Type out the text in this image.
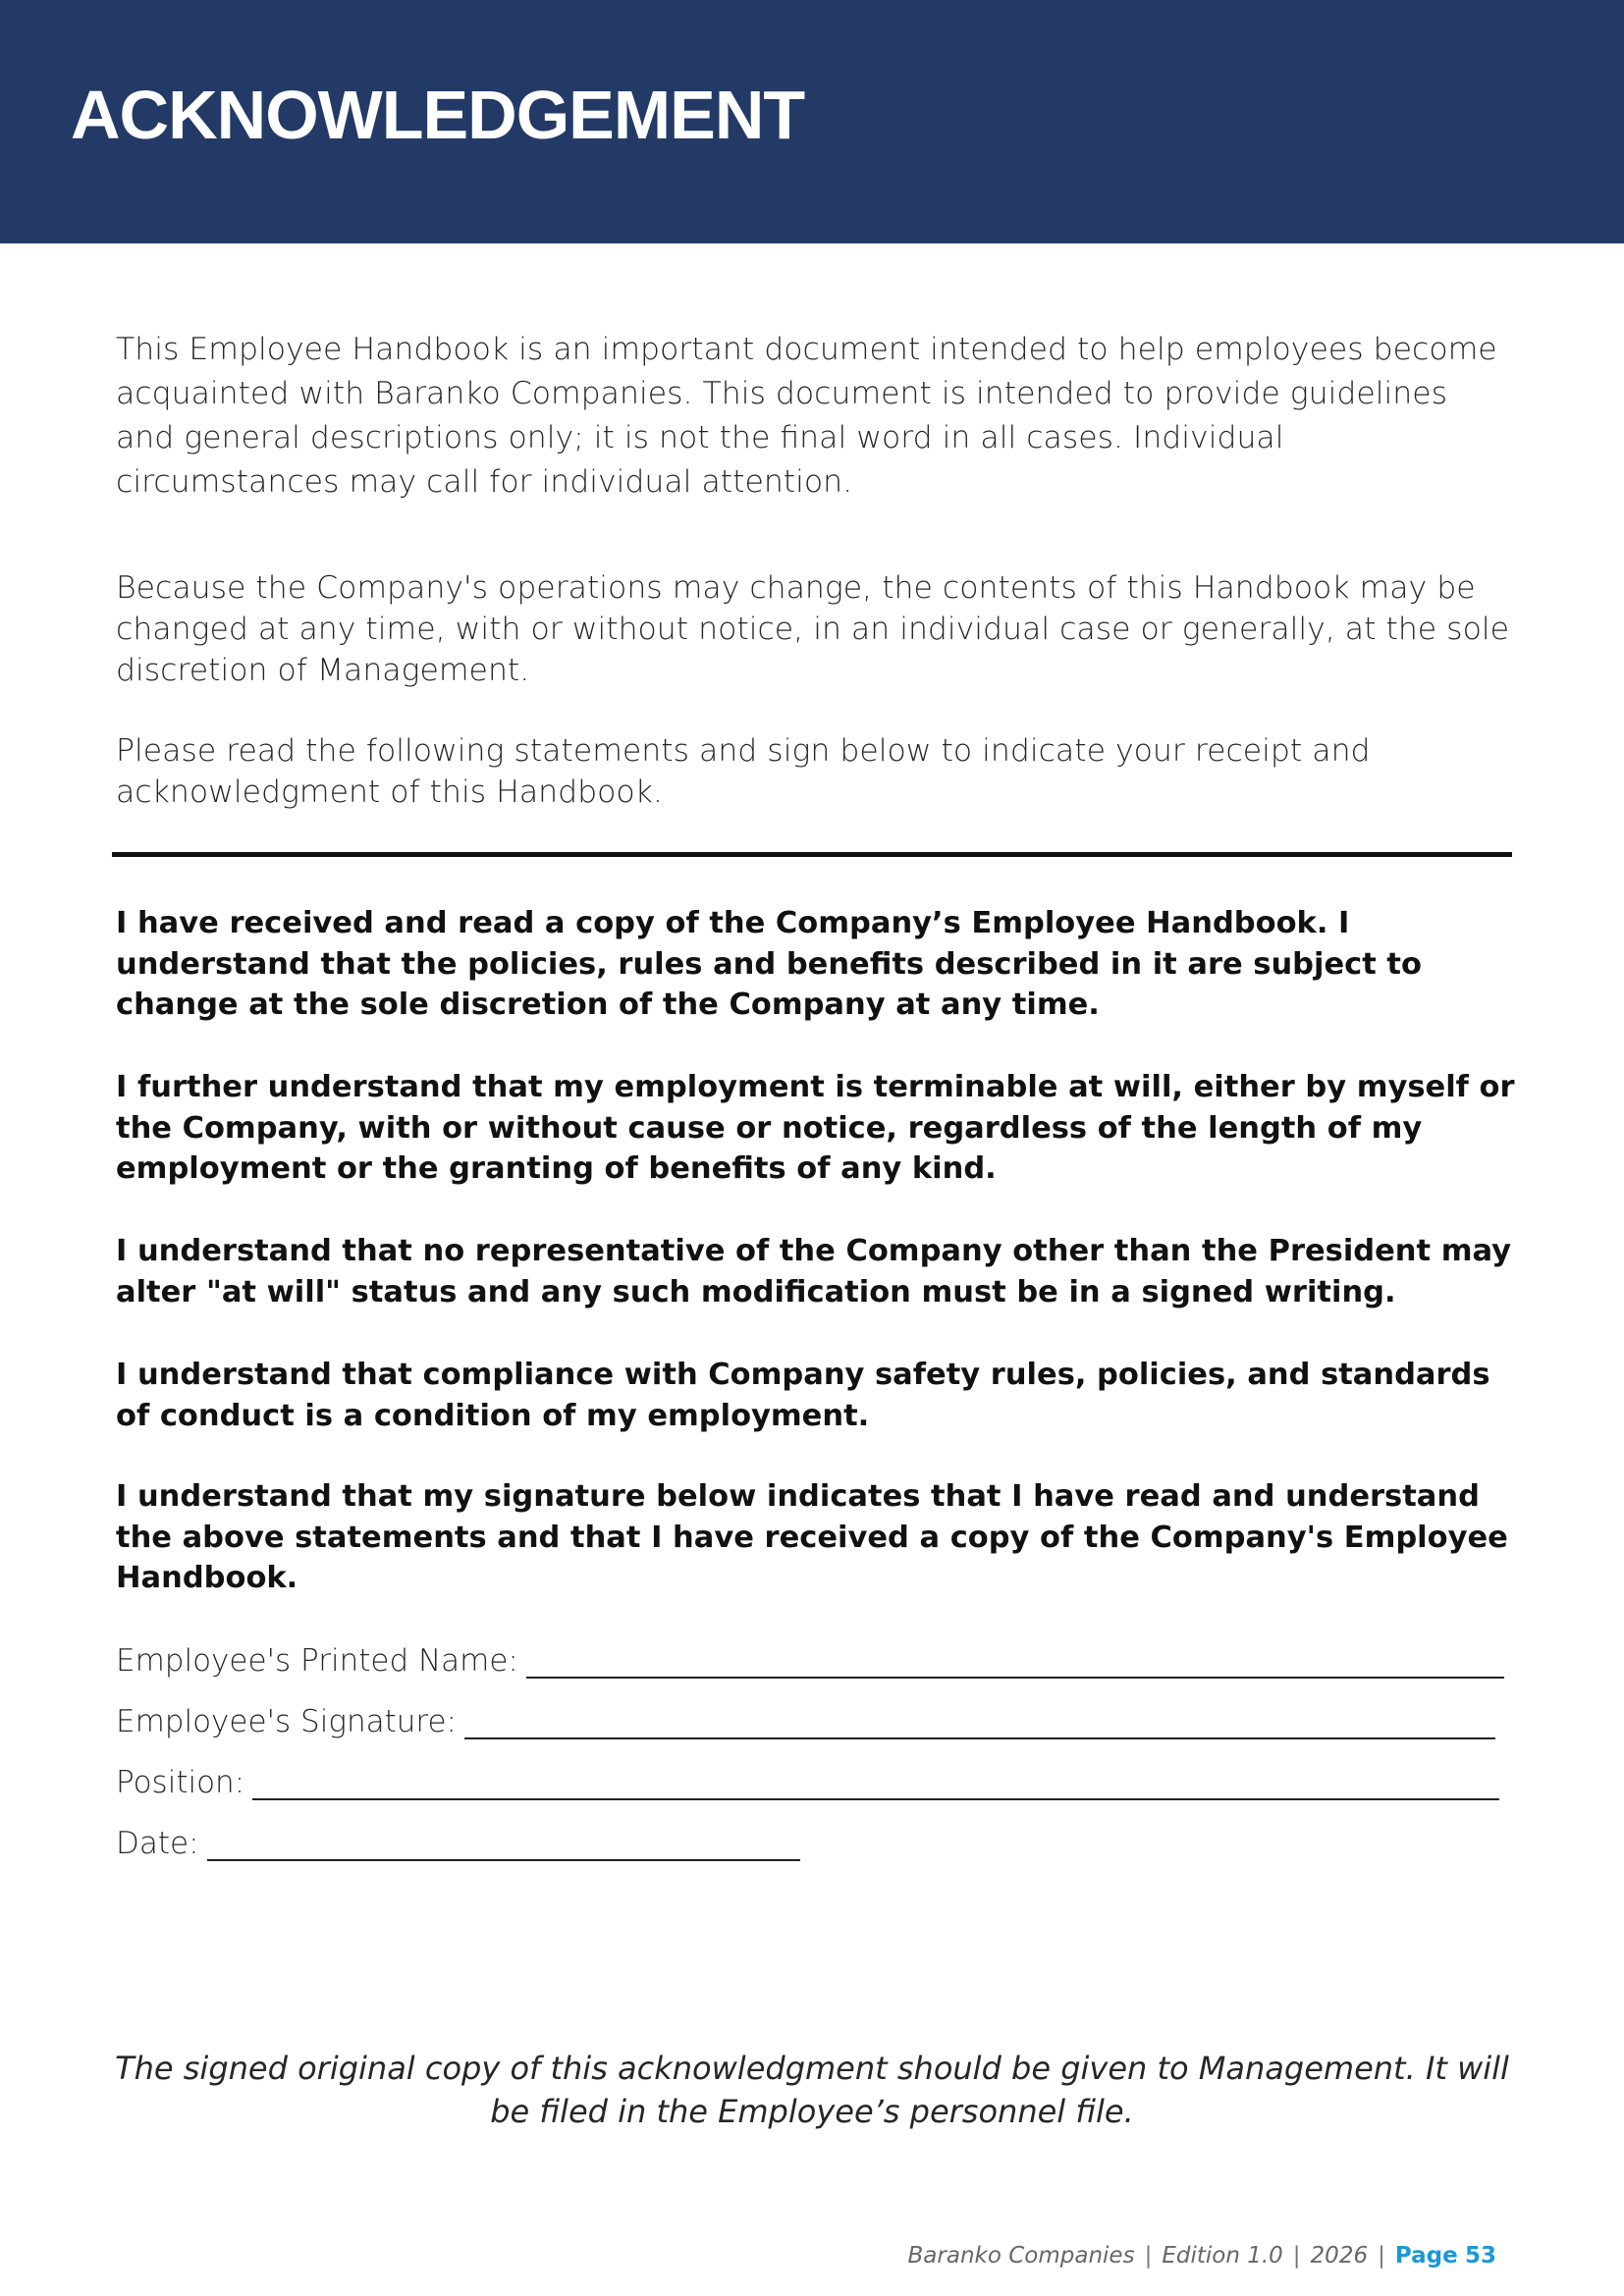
ACKNOWLEDGEMENT

This Employee Handbook is an important document intended to help employees become acquainted with Baranko Companies. This document is intended to provide guidelines and general descriptions only; it is not the final word in all cases. Individual circumstances may call for individual attention.

Because the Company's operations may change, the contents of this Handbook may be changed at any time, with or without notice, in an individual case or generally, at the sole discretion of Management.

Please read the following statements and sign below to indicate your receipt and acknowledgment of this Handbook.

I have received and read a copy of the Company’s Employee Handbook. I understand that the policies, rules and benefits described in it are subject to change at the sole discretion of the Company at any time.

I further understand that my employment is terminable at will, either by myself or the Company, with or without cause or notice, regardless of the length of my employment or the granting of benefits of any kind.

I understand that no representative of the Company other than the President may alter "at will" status and any such modification must be in a signed writing.

I understand that compliance with Company safety rules, policies, and standards of conduct is a condition of my employment.

I understand that my signature below indicates that I have read and understand the above statements and that I have received a copy of the Company's Employee Handbook.

Employee's Printed Name:
Employee's Signature:
Position:
Date:

The signed original copy of this acknowledgment should be given to Management. It will be filed in the Employee’s personnel file.

Baranko Companies | Edition 1.0 | 2026 | Page 53
